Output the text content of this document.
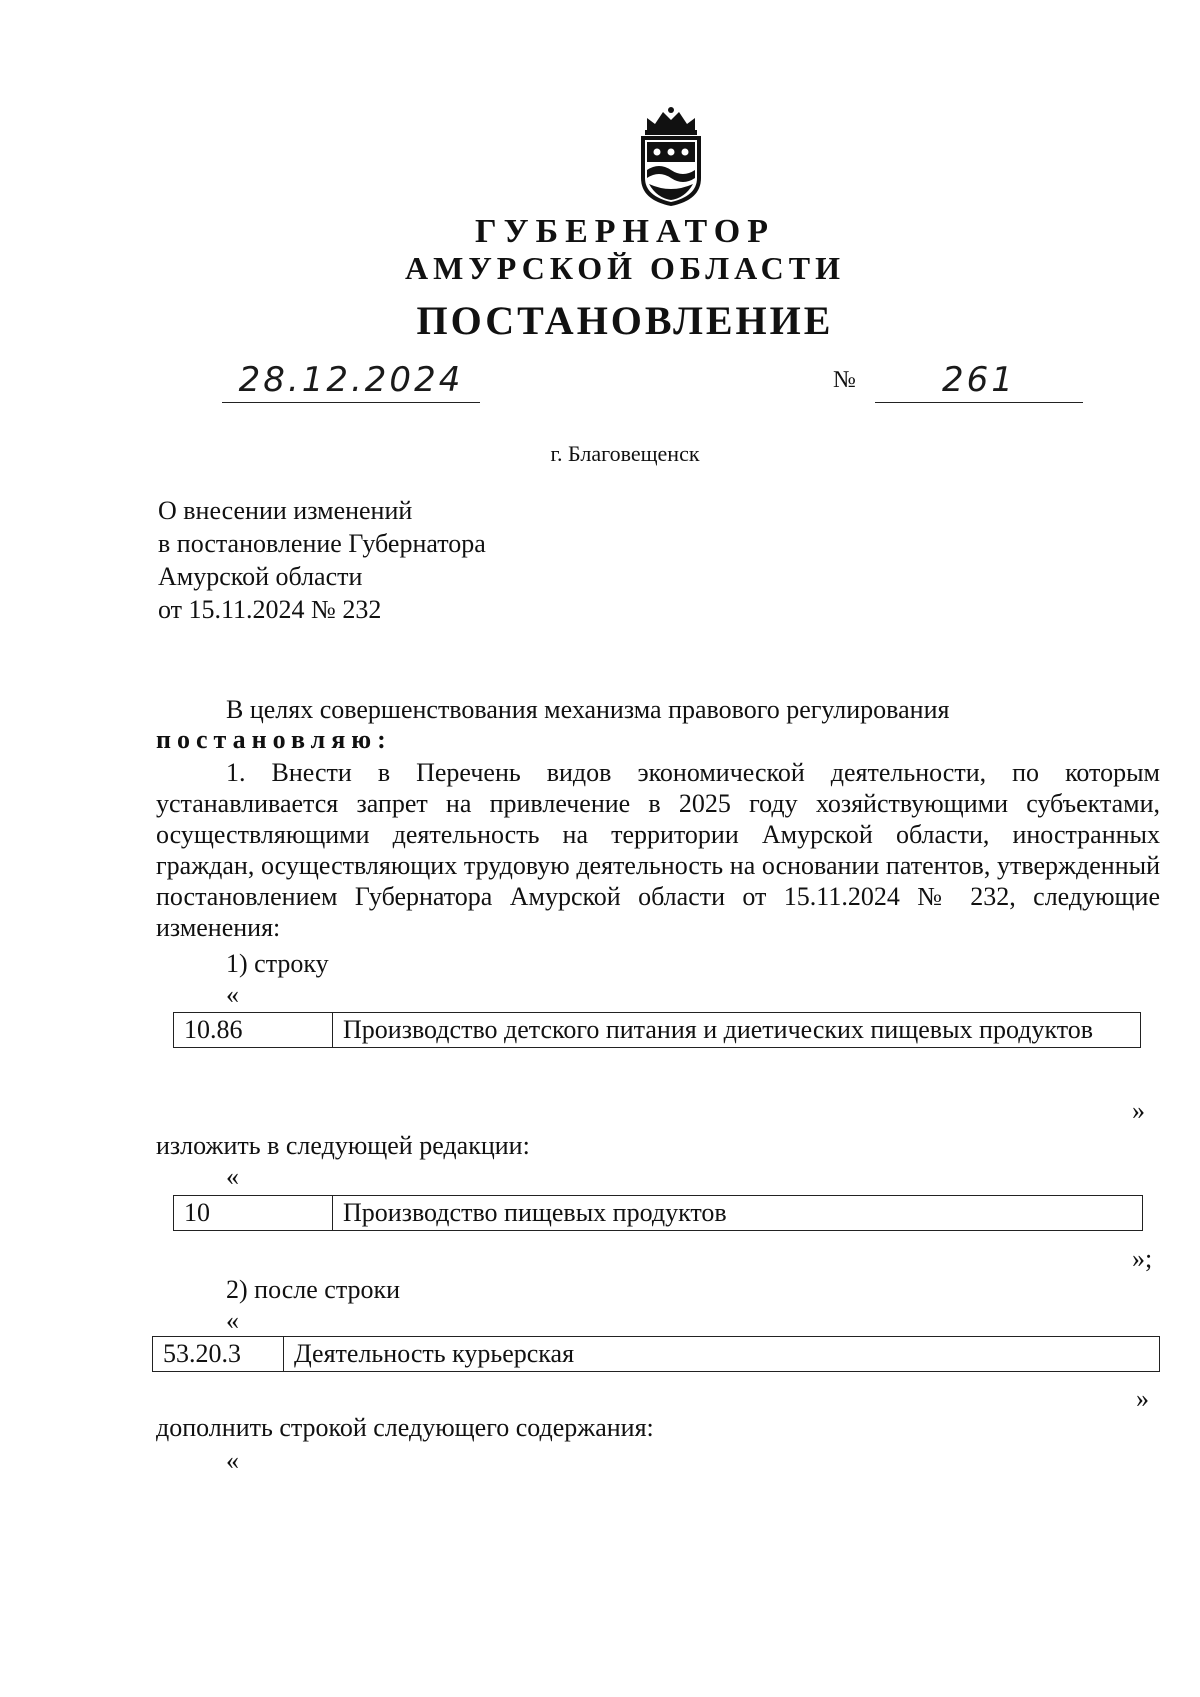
ГУБЕРНАТОР
АМУРСКОЙ ОБЛАСТИ
ПОСТАНОВЛЕНИЕ
28.12.2024	№	261
г. Благовещенск
О внесении изменений
в постановление Губернатора
Амурской области
от 15.11.2024 № 232
В целях совершенствования механизма правового регулирования
постановляю:
1. Внести в Перечень видов экономической деятельности, по которым устанавливается запрет на привлечение в 2025 году хозяйствующими субъектами, осуществляющими деятельность на территории Амурской области, иностранных граждан, осуществляющих трудовую деятельность на основании патентов, утвержденный постановлением Губернатора Амурской области от 15.11.2024 № 232, следующие изменения:
1) строку
«
10.86	Производство детского питания и диетических пищевых продуктов
»
изложить в следующей редакции:
«
10	Производство пищевых продуктов
»;
2) после строки
«
53.20.3	Деятельность курьерская
»
дополнить строкой следующего содержания:
«
